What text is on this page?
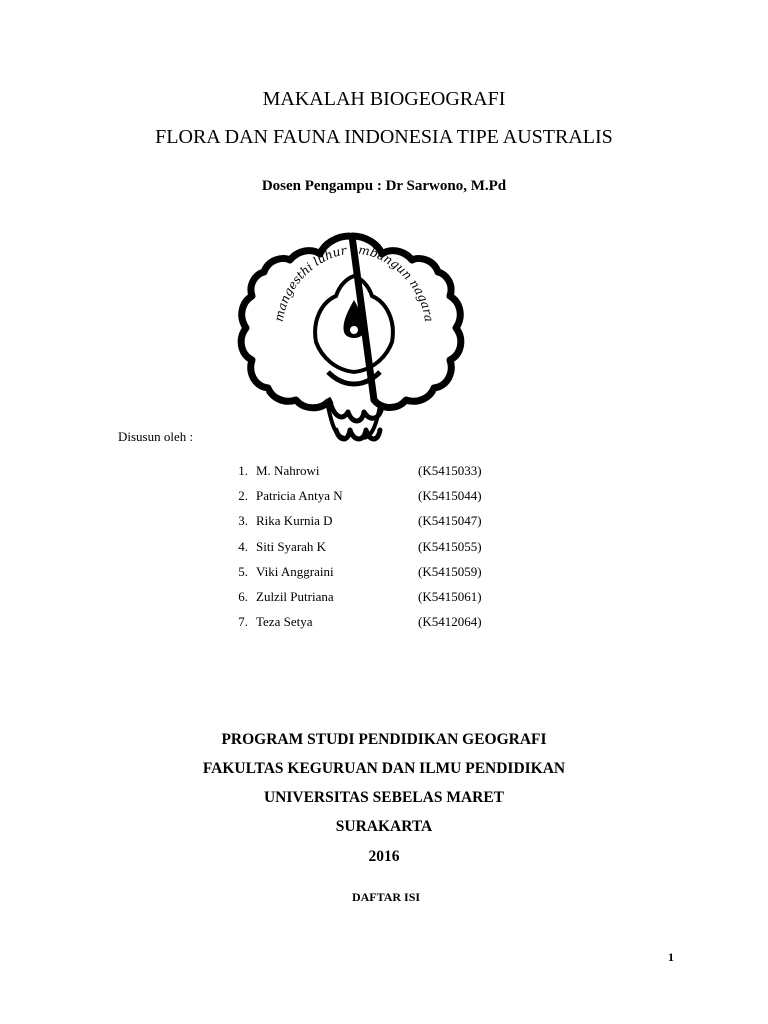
MAKALAH BIOGEOGRAFI
FLORA DAN FAUNA INDONESIA TIPE AUSTRALIS
Dosen Pengampu : Dr Sarwono, M.Pd
mangesthi luhur ambangun nagara
Disusun oleh :
1. M. Nahrowi	(K5415033)
2. Patricia Antya N	(K5415044)
3. Rika Kurnia D	(K5415047)
4. Siti Syarah K	(K5415055)
5. Viki Anggraini	(K5415059)
6. Zulzil Putriana	(K5415061)
7. Teza Setya	(K5412064)
PROGRAM STUDI PENDIDIKAN GEOGRAFI
FAKULTAS KEGURUAN DAN ILMU PENDIDIKAN
UNIVERSITAS SEBELAS MARET
SURAKARTA
2016
DAFTAR ISI
1
